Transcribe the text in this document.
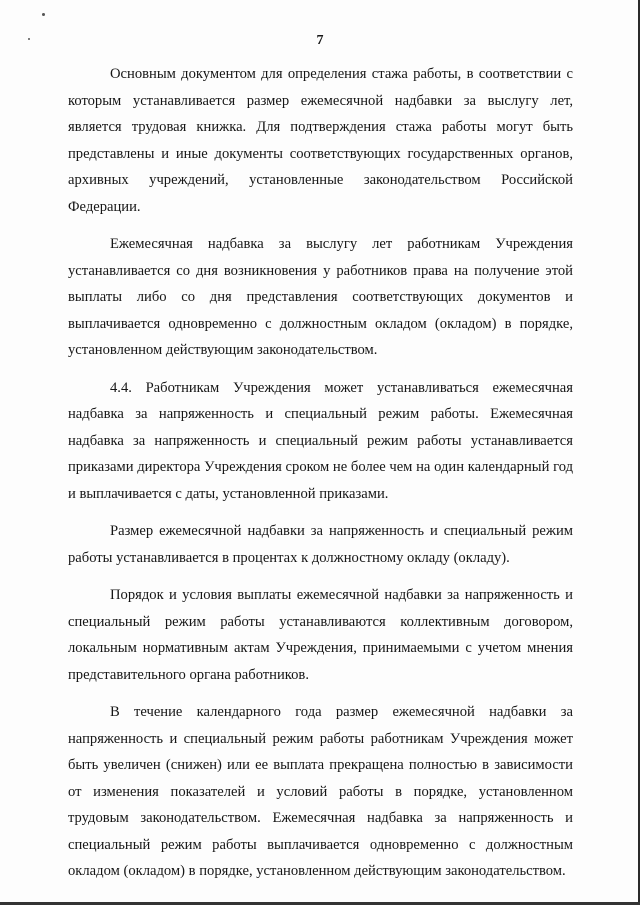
7

Основным документом для определения стажа работы, в соответствии с которым устанавливается размер ежемесячной надбавки за выслугу лет, является трудовая книжка. Для подтверждения стажа работы могут быть представлены и иные документы соответствующих государственных органов, архивных учреждений, установленные законодательством Российской Федерации.

Ежемесячная надбавка за выслугу лет работникам Учреждения устанавливается со дня возникновения у работников права на получение этой выплаты либо со дня представления соответствующих документов и выплачивается одновременно с должностным окладом (окладом) в порядке, установленном действующим законодательством.

4.4. Работникам Учреждения может устанавливаться ежемесячная надбавка за напряженность и специальный режим работы. Ежемесячная надбавка за напряженность и специальный режим работы устанавливается приказами директора Учреждения сроком не более чем на один календарный год и выплачивается с даты, установленной приказами.

Размер ежемесячной надбавки за напряженность и специальный режим работы устанавливается в процентах к должностному окладу (окладу).

Порядок и условия выплаты ежемесячной надбавки за напряженность и специальный режим работы устанавливаются коллективным договором, локальным нормативным актам Учреждения, принимаемыми с учетом мнения представительного органа работников.

В течение календарного года размер ежемесячной надбавки за напряженность и специальный режим работы работникам Учреждения может быть увеличен (снижен) или ее выплата прекращена полностью в зависимости от изменения показателей и условий работы в порядке, установленном трудовым законодательством. Ежемесячная надбавка за напряженность и специальный режим работы выплачивается одновременно с должностным окладом (окладом) в порядке, установленном действующим законодательством.
